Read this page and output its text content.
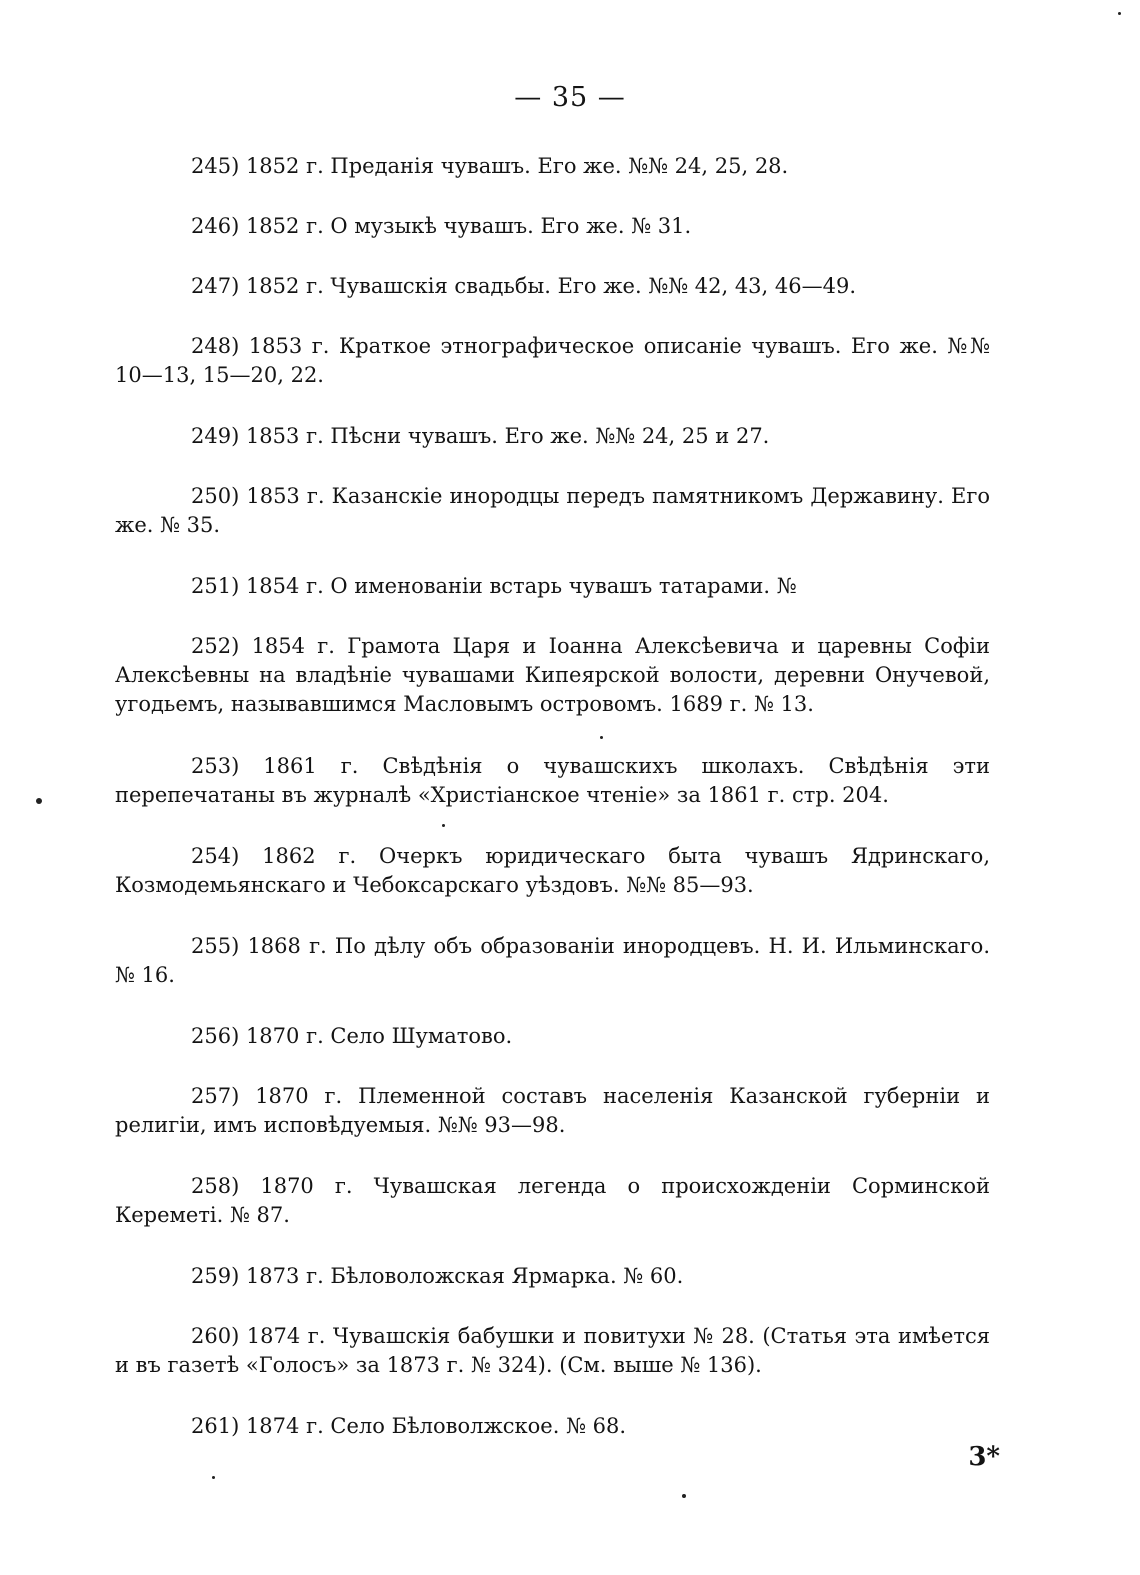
— 35 —

245) 1852 г. Преданія чувашъ. Его же. №№ 24, 25, 28.

246) 1852 г. О музыкѣ чувашъ. Его же. № 31.

247) 1852 г. Чувашскія свадьбы. Его же. №№ 42, 43, 46—49.

248) 1853 г. Краткое этнографическое описаніе чувашъ. Его же. №№ 10—13, 15—20, 22.

249) 1853 г. Пѣсни чувашъ. Его же. №№ 24, 25 и 27.

250) 1853 г. Казанскіе инородцы передъ памятникомъ Державину. Его же. № 35.

251) 1854 г. О именованіи встарь чувашъ татарами. №

252) 1854 г. Грамота Царя и Іоанна Алексѣевича и царевны Софіи Алексѣевны на владѣніе чувашами Кипеярской волости, деревни Онучевой, угодьемъ, называвшимся Масловымъ островомъ. 1689 г. № 13.

253) 1861 г. Свѣдѣнія о чувашскихъ школахъ. Свѣдѣнія эти перепечатаны въ журналѣ «Христіанское чтеніе» за 1861 г. стр. 204.

254) 1862 г. Очеркъ юридическаго быта чувашъ Ядринскаго, Козмодемьянскаго и Чебоксарскаго уѣздовъ. №№ 85—93.

255) 1868 г. По дѣлу объ образованіи инородцевъ. Н. И. Ильминскаго. № 16.

256) 1870 г. Село Шуматово.

257) 1870 г. Племенной составъ населенія Казанской губерніи и религіи, имъ исповѣдуемыя. №№ 93—98.

258) 1870 г. Чувашская легенда о происхожденіи Сорминской Кереметі. № 87.

259) 1873 г. Бѣловоложская Ярмарка. № 60.

260) 1874 г. Чувашскія бабушки и повитухи № 28. (Статья эта имѣется и въ газетѣ «Голосъ» за 1873 г. № 324). (См. выше № 136).

261) 1874 г. Село Бѣловолжское. № 68.

3*
